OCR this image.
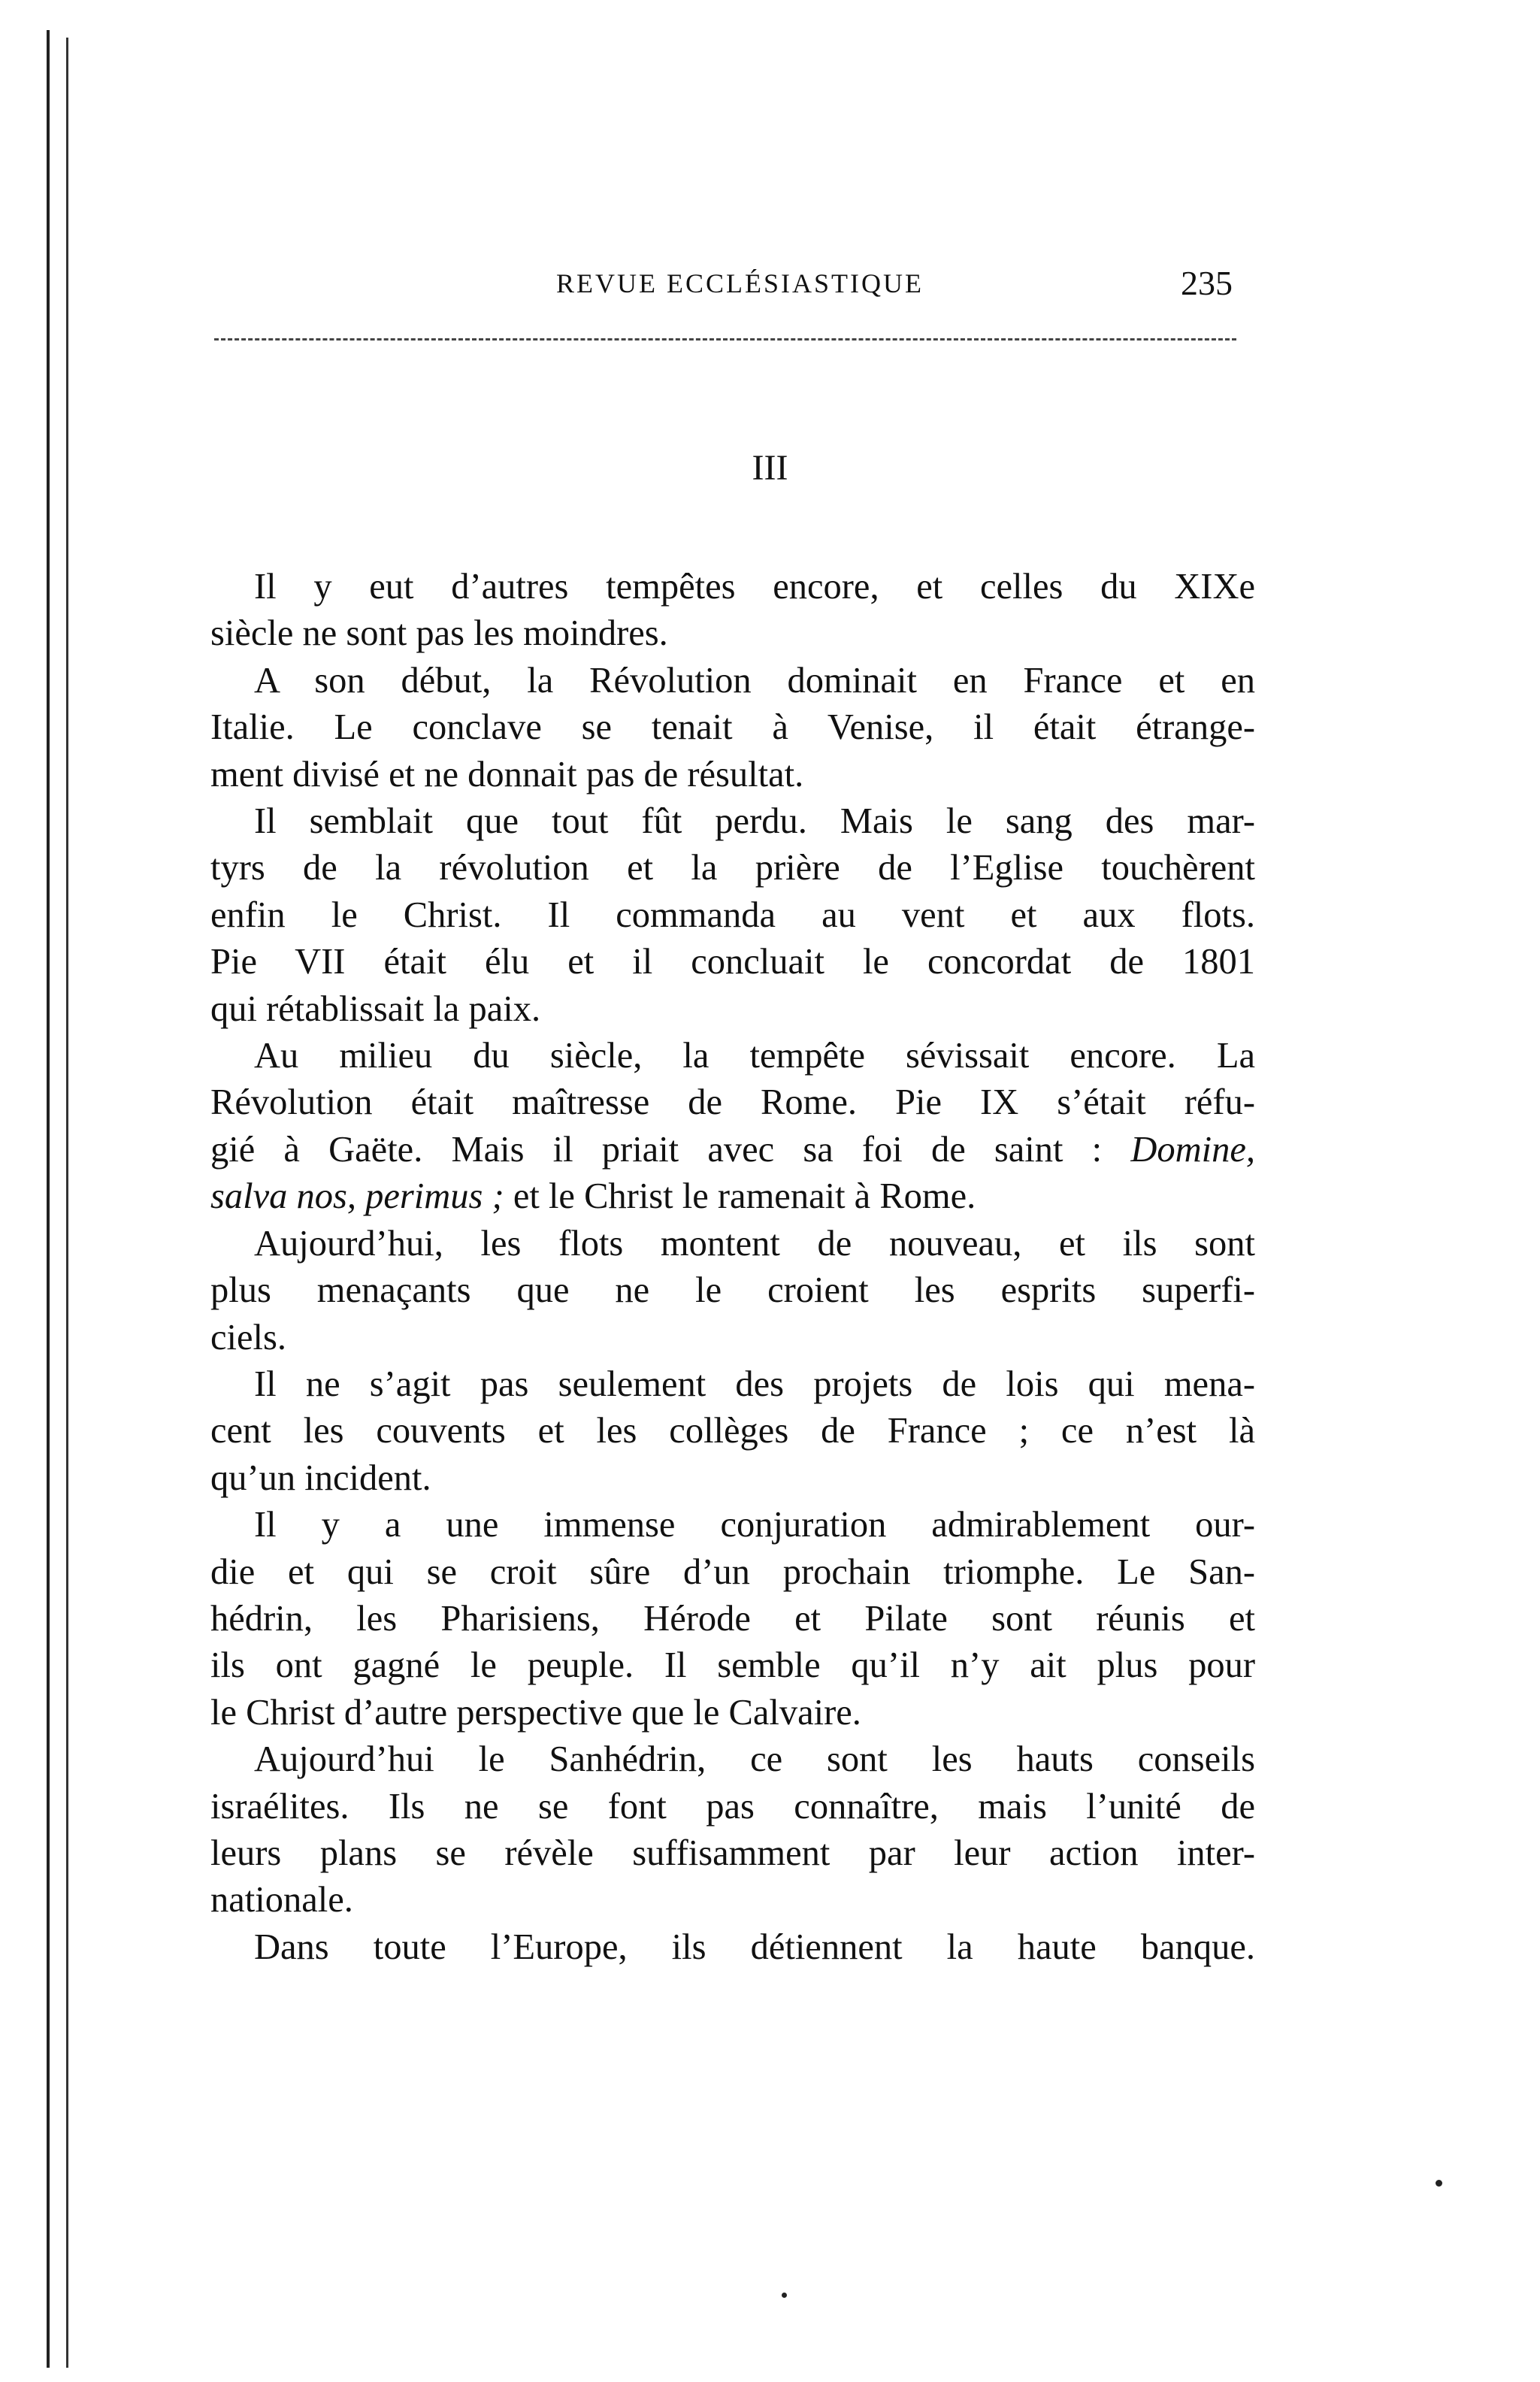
REVUE ECCLÉSIASTIQUE	235
III
Il y eut d’autres tempêtes encore, et celles du XIXe
siècle ne sont pas les moindres.
A son début, la Révolution dominait en France et en
Italie. Le conclave se tenait à Venise, il était étrange-
ment divisé et ne donnait pas de résultat.
Il semblait que tout fût perdu. Mais le sang des mar-
tyrs de la révolution et la prière de l’Eglise touchèrent
enfin le Christ. Il commanda au vent et aux flots.
Pie VII était élu et il concluait le concordat de 1801
qui rétablissait la paix.
Au milieu du siècle, la tempête sévissait encore. La
Révolution était maîtresse de Rome. Pie IX s’était réfu-
gié à Gaëte. Mais il priait avec sa foi de saint : Domine,
salva nos, perimus ; et le Christ le ramenait à Rome.
Aujourd’hui, les flots montent de nouveau, et ils sont
plus menaçants que ne le croient les esprits superfi-
ciels.
Il ne s’agit pas seulement des projets de lois qui mena-
cent les couvents et les collèges de France ; ce n’est là
qu’un incident.
Il y a une immense conjuration admirablement our-
die et qui se croit sûre d’un prochain triomphe. Le San-
hédrin, les Pharisiens, Hérode et Pilate sont réunis et
ils ont gagné le peuple. Il semble qu’il n’y ait plus pour
le Christ d’autre perspective que le Calvaire.
Aujourd’hui le Sanhédrin, ce sont les hauts conseils
israélites. Ils ne se font pas connaître, mais l’unité de
leurs plans se révèle suffisamment par leur action inter-
nationale.
Dans toute l’Europe, ils détiennent la haute banque.
